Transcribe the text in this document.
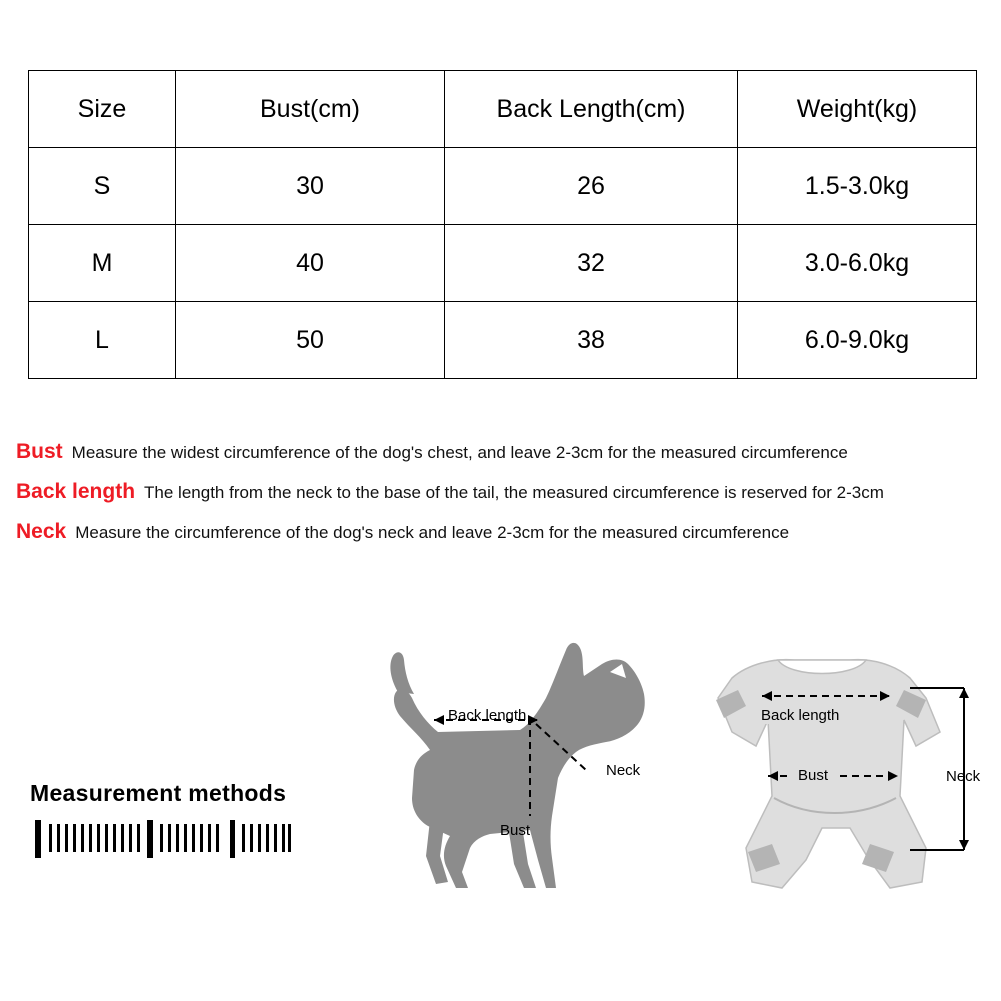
Size	Bust(cm)	Back Length(cm)	Weight(kg)
S	30	26	1.5-3.0kg
M	40	32	3.0-6.0kg
L	50	38	6.0-9.0kg
Bust Measure the widest circumference of the dog's chest, and leave 2-3cm for the measured circumference
Back length The length from the neck to the base of the tail, the measured circumference is reserved for 2-3cm
Neck Measure the circumference of the dog's neck and leave 2-3cm for the measured circumference
Measurement methods
Back length
Neck
Bust
Back length
Bust	Neck
